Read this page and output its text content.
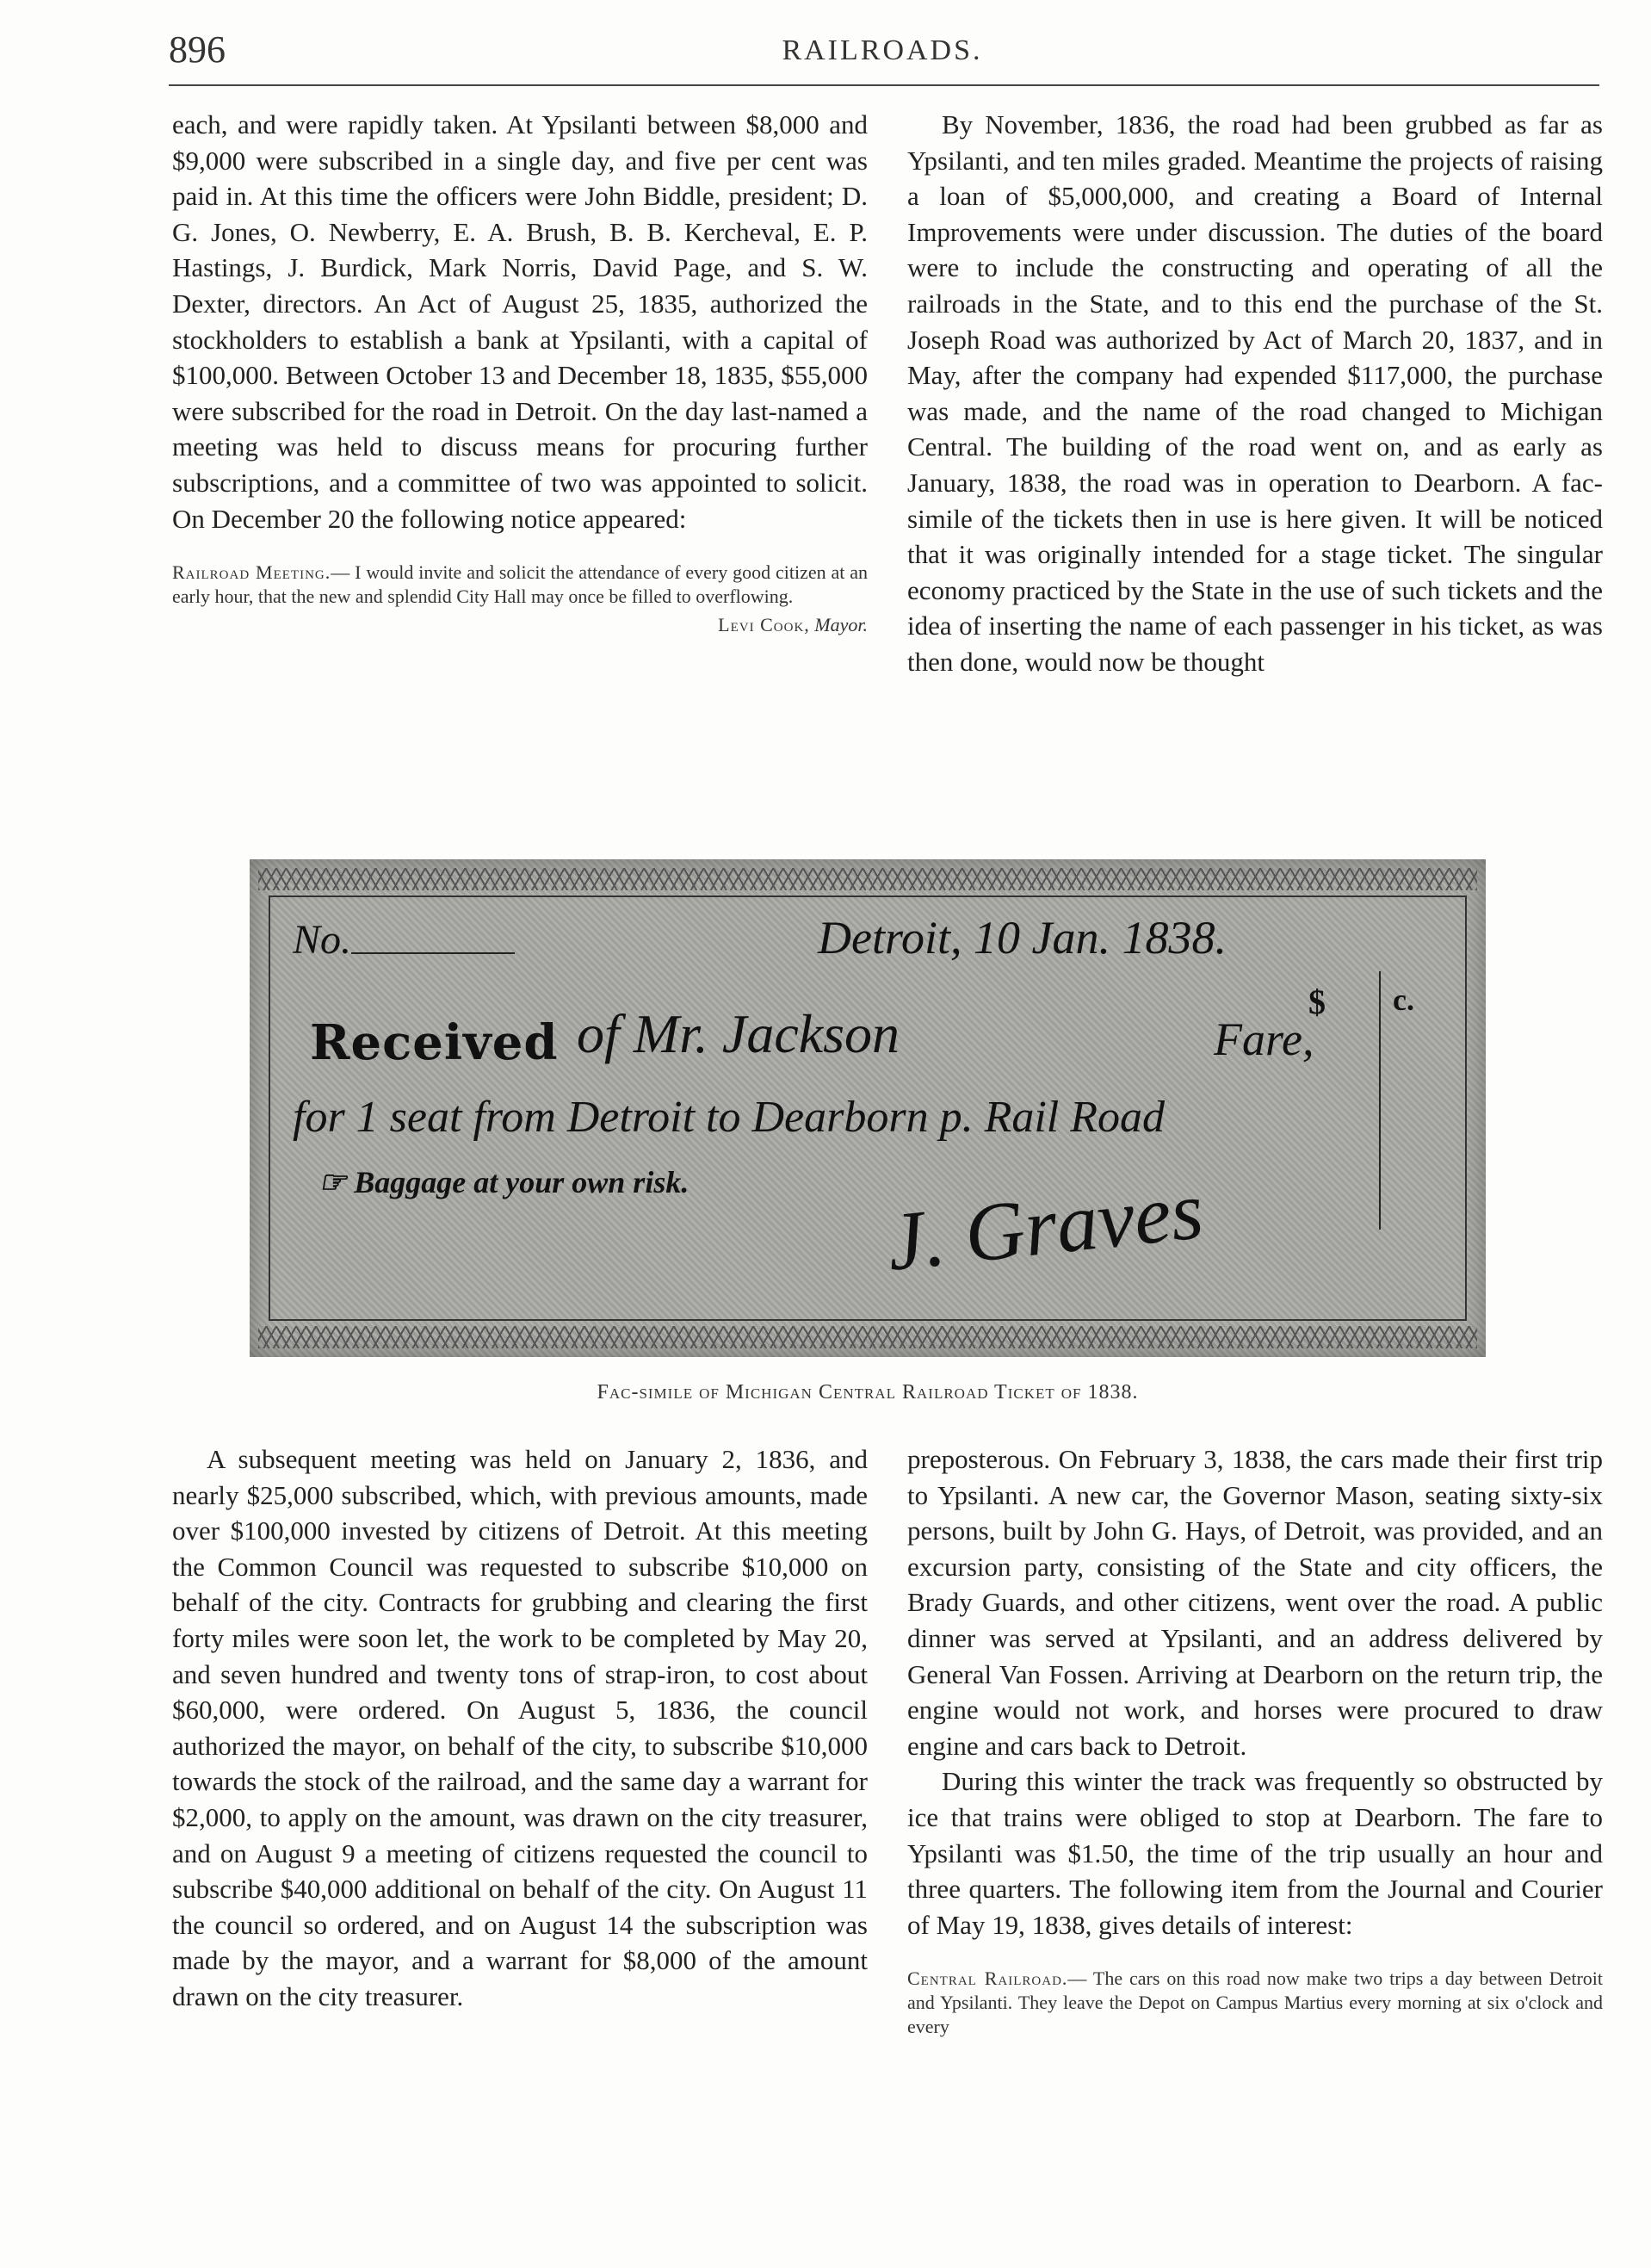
896	RAILROADS.

each, and were rapidly taken. At Ypsilanti between $8,000 and $9,000 were subscribed in a single day, and five per cent was paid in. At this time the officers were John Biddle, president; D. G. Jones, O. Newberry, E. A. Brush, B. B. Kercheval, E. P. Hastings, J. Burdick, Mark Norris, David Page, and S. W. Dexter, directors. An Act of August 25, 1835, authorized the stockholders to establish a bank at Ypsilanti, with a capital of $100,000. Between October 13 and December 18, 1835, $55,000 were subscribed for the road in Detroit. On the day last-named a meeting was held to discuss means for procuring further subscriptions, and a committee of two was appointed to solicit. On December 20 the following notice appeared:

Railroad Meeting.— I would invite and solicit the attendance of every good citizen at an early hour, that the new and splendid City Hall may once be filled to overflowing.

Levi Cook, Mayor.

By November, 1836, the road had been grubbed as far as Ypsilanti, and ten miles graded. Meantime the projects of raising a loan of $5,000,000, and creating a Board of Internal Improvements were under discussion. The duties of the board were to include the constructing and operating of all the railroads in the State, and to this end the purchase of the St. Joseph Road was authorized by Act of March 20, 1837, and in May, after the company had expended $117,000, the purchase was made, and the name of the road changed to Michigan Central. The building of the road went on, and as early as January, 1838, the road was in operation to Dearborn. A fac-simile of the tickets then in use is here given. It will be noticed that it was originally intended for a stage ticket. The singular economy practiced by the State in the use of such tickets and the idea of inserting the name of each passenger in his ticket, as was then done, would now be thought

No.	Detroit, 10 Jan. 1838.
$ c.
Received of Mr. Jackson	Fare,
for 1 seat from Detroit to Dearborn p. Rail Road
☞ Baggage at your own risk. J. Graves
Fac-simile of Michigan Central Railroad Ticket of 1838.

A subsequent meeting was held on January 2, 1836, and nearly $25,000 subscribed, which, with previous amounts, made over $100,000 invested by citizens of Detroit. At this meeting the Common Council was requested to subscribe $10,000 on behalf of the city. Contracts for grubbing and clearing the first forty miles were soon let, the work to be completed by May 20, and seven hundred and twenty tons of strap-iron, to cost about $60,000, were ordered. On August 5, 1836, the council authorized the mayor, on behalf of the city, to subscribe $10,000 towards the stock of the railroad, and the same day a warrant for $2,000, to apply on the amount, was drawn on the city treasurer, and on August 9 a meeting of citizens requested the council to subscribe $40,000 additional on behalf of the city. On August 11 the council so ordered, and on August 14 the subscription was made by the mayor, and a warrant for $8,000 of the amount drawn on the city treasurer.

preposterous. On February 3, 1838, the cars made their first trip to Ypsilanti. A new car, the Governor Mason, seating sixty-six persons, built by John G. Hays, of Detroit, was provided, and an excursion party, consisting of the State and city officers, the Brady Guards, and other citizens, went over the road. A public dinner was served at Ypsilanti, and an address delivered by General Van Fossen. Arriving at Dearborn on the return trip, the engine would not work, and horses were procured to draw engine and cars back to Detroit.

During this winter the track was frequently so obstructed by ice that trains were obliged to stop at Dearborn. The fare to Ypsilanti was $1.50, the time of the trip usually an hour and three quarters. The following item from the Journal and Courier of May 19, 1838, gives details of interest:

Central Railroad.— The cars on this road now make two trips a day between Detroit and Ypsilanti. They leave the Depot on Campus Martius every morning at six o'clock and every
